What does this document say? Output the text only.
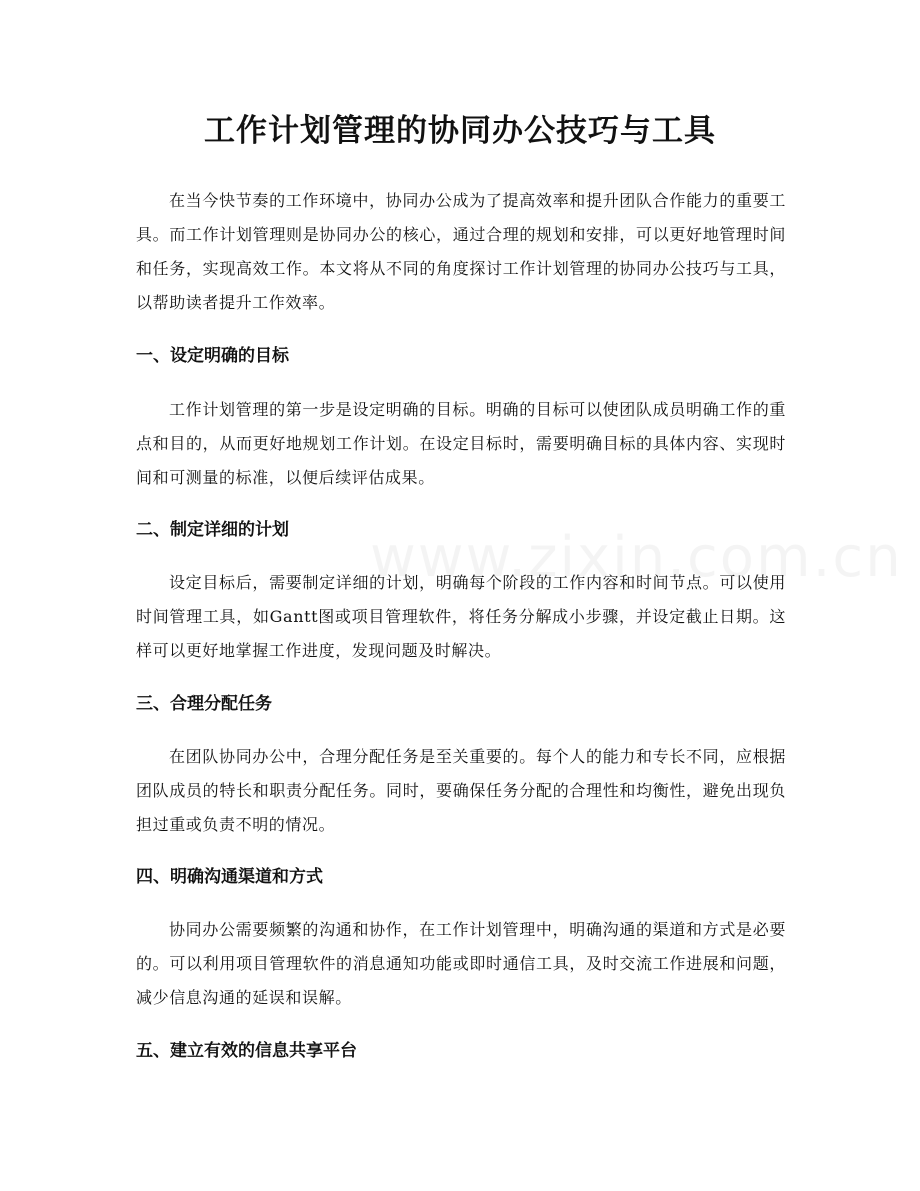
工作计划管理的协同办公技巧与工具

在当今快节奏的工作环境中，协同办公成为了提高效率和提升团队合作能力的重要工具。而工作计划管理则是协同办公的核心，通过合理的规划和安排，可以更好地管理时间和任务，实现高效工作。本文将从不同的角度探讨工作计划管理的协同办公技巧与工具，以帮助读者提升工作效率。

一、设定明确的目标

工作计划管理的第一步是设定明确的目标。明确的目标可以使团队成员明确工作的重点和目的，从而更好地规划工作计划。在设定目标时，需要明确目标的具体内容、实现时间和可测量的标准，以便后续评估成果。

二、制定详细的计划

设定目标后，需要制定详细的计划，明确每个阶段的工作内容和时间节点。可以使用时间管理工具，如Gantt图或项目管理软件，将任务分解成小步骤，并设定截止日期。这样可以更好地掌握工作进度，发现问题及时解决。

三、合理分配任务

在团队协同办公中，合理分配任务是至关重要的。每个人的能力和专长不同，应根据团队成员的特长和职责分配任务。同时，要确保任务分配的合理性和均衡性，避免出现负担过重或负责不明的情况。

四、明确沟通渠道和方式

协同办公需要频繁的沟通和协作，在工作计划管理中，明确沟通的渠道和方式是必要的。可以利用项目管理软件的消息通知功能或即时通信工具，及时交流工作进展和问题，减少信息沟通的延误和误解。

五、建立有效的信息共享平台
